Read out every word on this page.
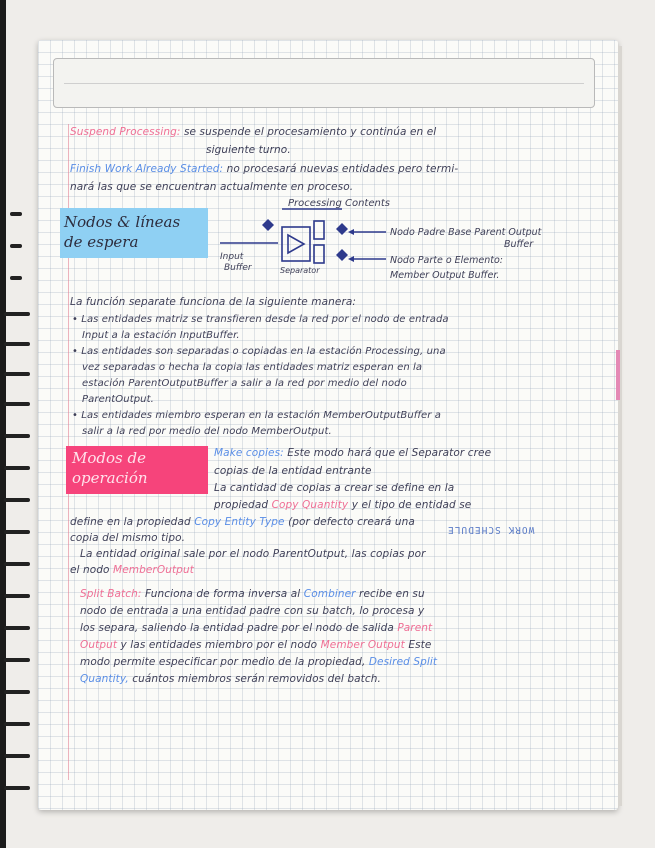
Suspend Processing: se suspende el procesamiento y continúa en el
siguiente turno.
Finish Work Already Started: no procesará nuevas entidades pero termi-
nará las que se encuentran actualmente en proceso.
Nodos & líneas
de espera
Processing Contents
Input
Buffer	Separator
Nodo Padre Base Parent Output
Buffer
Nodo Parte o Elemento:
Member Output Buffer.
La función separate funciona de la siguiente manera:
• Las entidades matriz se transfieren desde la red por el nodo de entrada
Input a la estación InputBuffer.
• Las entidades son separadas o copiadas en la estación Processing, una
vez separadas o hecha la copia las entidades matriz esperan en la
estación ParentOutputBuffer a salir a la red por medio del nodo
ParentOutput.
• Las entidades miembro esperan en la estación MemberOutputBuffer a
salir a la red por medio del nodo MemberOutput.
Modos de
operación
Make copies: Este modo hará que el Separator cree
copias de la entidad entrante
La cantidad de copias a crear se define en la
propiedad Copy Quantity y el tipo de entidad se
define en la propiedad Copy Entity Type (por defecto creará una
copia del mismo tipo.
WORK SCHEDULE
La entidad original sale por el nodo ParentOutput, las copias por
el nodo MemberOutput
Split Batch: Funciona de forma inversa al Combiner recibe en su
nodo de entrada a una entidad padre con su batch, lo procesa y
los separa, saliendo la entidad padre por el nodo de salida Parent
Output y las entidades miembro por el nodo Member Output Este
modo permite especificar por medio de la propiedad, Desired Split
Quantity, cuántos miembros serán removidos del batch.
